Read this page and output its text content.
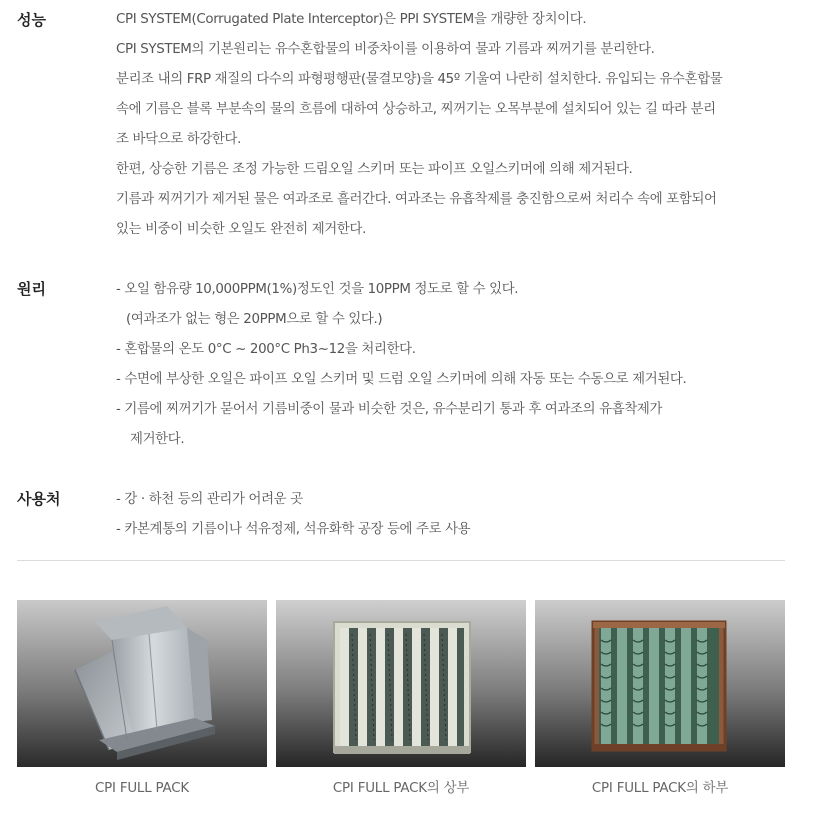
성능	CPI SYSTEM(Corrugated Plate Interceptor)은 PPI SYSTEM을 개량한 장치이다.
CPI SYSTEM의 기본원리는 유수혼합물의 비중차이를 이용하여 물과 기름과 찌꺼기를 분리한다.
분리조 내의 FRP 재질의 다수의 파형평행판(물결모양)을 45º 기울여 나란히 설치한다. 유입되는 유수혼합물
속에 기름은 블록 부분속의 물의 흐름에 대하여 상승하고, 찌꺼기는 오목부분에 설치되어 있는 길 따라 분리
조 바닥으로 하강한다.
한편, 상승한 기름은 조정 가능한 드림오일 스키머 또는 파이프 오일스키머에 의해 제거된다.
기름과 찌꺼기가 제거된 물은 여과조로 흘러간다. 여과조는 유흡착제를 충진함으로써 처리수 속에 포함되어
있는 비중이 비슷한 오일도 완전히 제거한다.
원리	- 오일 함유량 10,000PPM(1%)정도인 것을 10PPM 정도로 할 수 있다.
(여과조가 없는 형은 20PPM으로 할 수 있다.)
- 혼합물의 온도 0°C ~ 200°C Ph3~12을 처리한다.
- 수면에 부상한 오일은 파이프 오일 스키머 및 드럼 오일 스키머에 의해 자동 또는 수동으로 제거된다.
- 기름에 찌꺼기가 묻어서 기름비중이 물과 비슷한 것은, 유수분리기 통과 후 여과조의 유흡착제가
제거한다.
사용처	- 강 · 하천 등의 관리가 어려운 곳
- 카본계통의 기름이나 석유정제, 석유화학 공장 등에 주로 사용
CPI FULL PACK	CPI FULL PACK의 상부	CPI FULL PACK의 하부
